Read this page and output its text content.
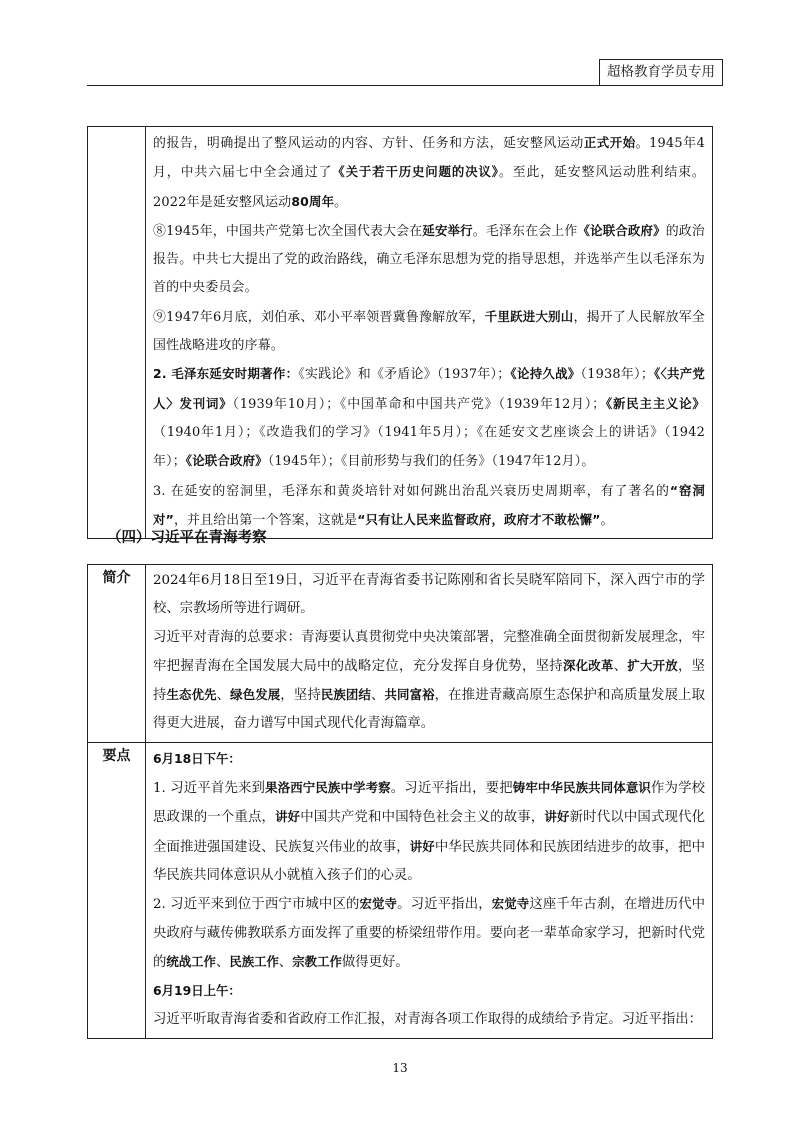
超格教育学员专用

的报告，明确提出了整风运动的内容、方针、任务和方法，延安整风运动正式开始。1945年4月，中共六届七中全会通过了《关于若干历史问题的决议》。至此，延安整风运动胜利结束。2022年是延安整风运动80周年。
⑧1945年，中国共产党第七次全国代表大会在延安举行。毛泽东在会上作《论联合政府》的政治报告。中共七大提出了党的政治路线，确立毛泽东思想为党的指导思想，并选举产生以毛泽东为首的中央委员会。
⑨1947年6月底，刘伯承、邓小平率领晋冀鲁豫解放军，千里跃进大别山，揭开了人民解放军全国性战略进攻的序幕。
2. 毛泽东延安时期著作：《实践论》和《矛盾论》（1937年）；《论持久战》（1938年）；《〈共产党人〉发刊词》（1939年10月）；《中国革命和中国共产党》（1939年12月）；《新民主主义论》（1940年1月）；《改造我们的学习》（1941年5月）；《在延安文艺座谈会上的讲话》（1942年）；《论联合政府》（1945年）；《目前形势与我们的任务》（1947年12月）。
3. 在延安的窑洞里，毛泽东和黄炎培针对如何跳出治乱兴衰历史周期率，有了著名的“窑洞对”，并且给出第一个答案，这就是“只有让人民来监督政府，政府才不敢松懈”。
（四）习近平在青海考察
简介	2024年6月18日至19日，习近平在青海省委书记陈刚和省长吴晓军陪同下，深入西宁市的学校、宗教场所等进行调研。
习近平对青海的总要求：青海要认真贯彻党中央决策部署，完整准确全面贯彻新发展理念，牢牢把握青海在全国发展大局中的战略定位，充分发挥自身优势，坚持深化改革、扩大开放，坚持生态优先、绿色发展，坚持民族团结、共同富裕，在推进青藏高原生态保护和高质量发展上取得更大进展，奋力谱写中国式现代化青海篇章。

要点	6月18日下午：
1. 习近平首先来到果洛西宁民族中学考察。习近平指出，要把铸牢中华民族共同体意识作为学校思政课的一个重点，讲好中国共产党和中国特色社会主义的故事，讲好新时代以中国式现代化全面推进强国建设、民族复兴伟业的故事，讲好中华民族共同体和民族团结进步的故事，把中华民族共同体意识从小就植入孩子们的心灵。
2. 习近平来到位于西宁市城中区的宏觉寺。习近平指出，宏觉寺这座千年古刹，在增进历代中央政府与藏传佛教联系方面发挥了重要的桥梁纽带作用。要向老一辈革命家学习，把新时代党的统战工作、民族工作、宗教工作做得更好。
6月19日上午：
习近平听取青海省委和省政府工作汇报，对青海各项工作取得的成绩给予肯定。习近平指出：
13
